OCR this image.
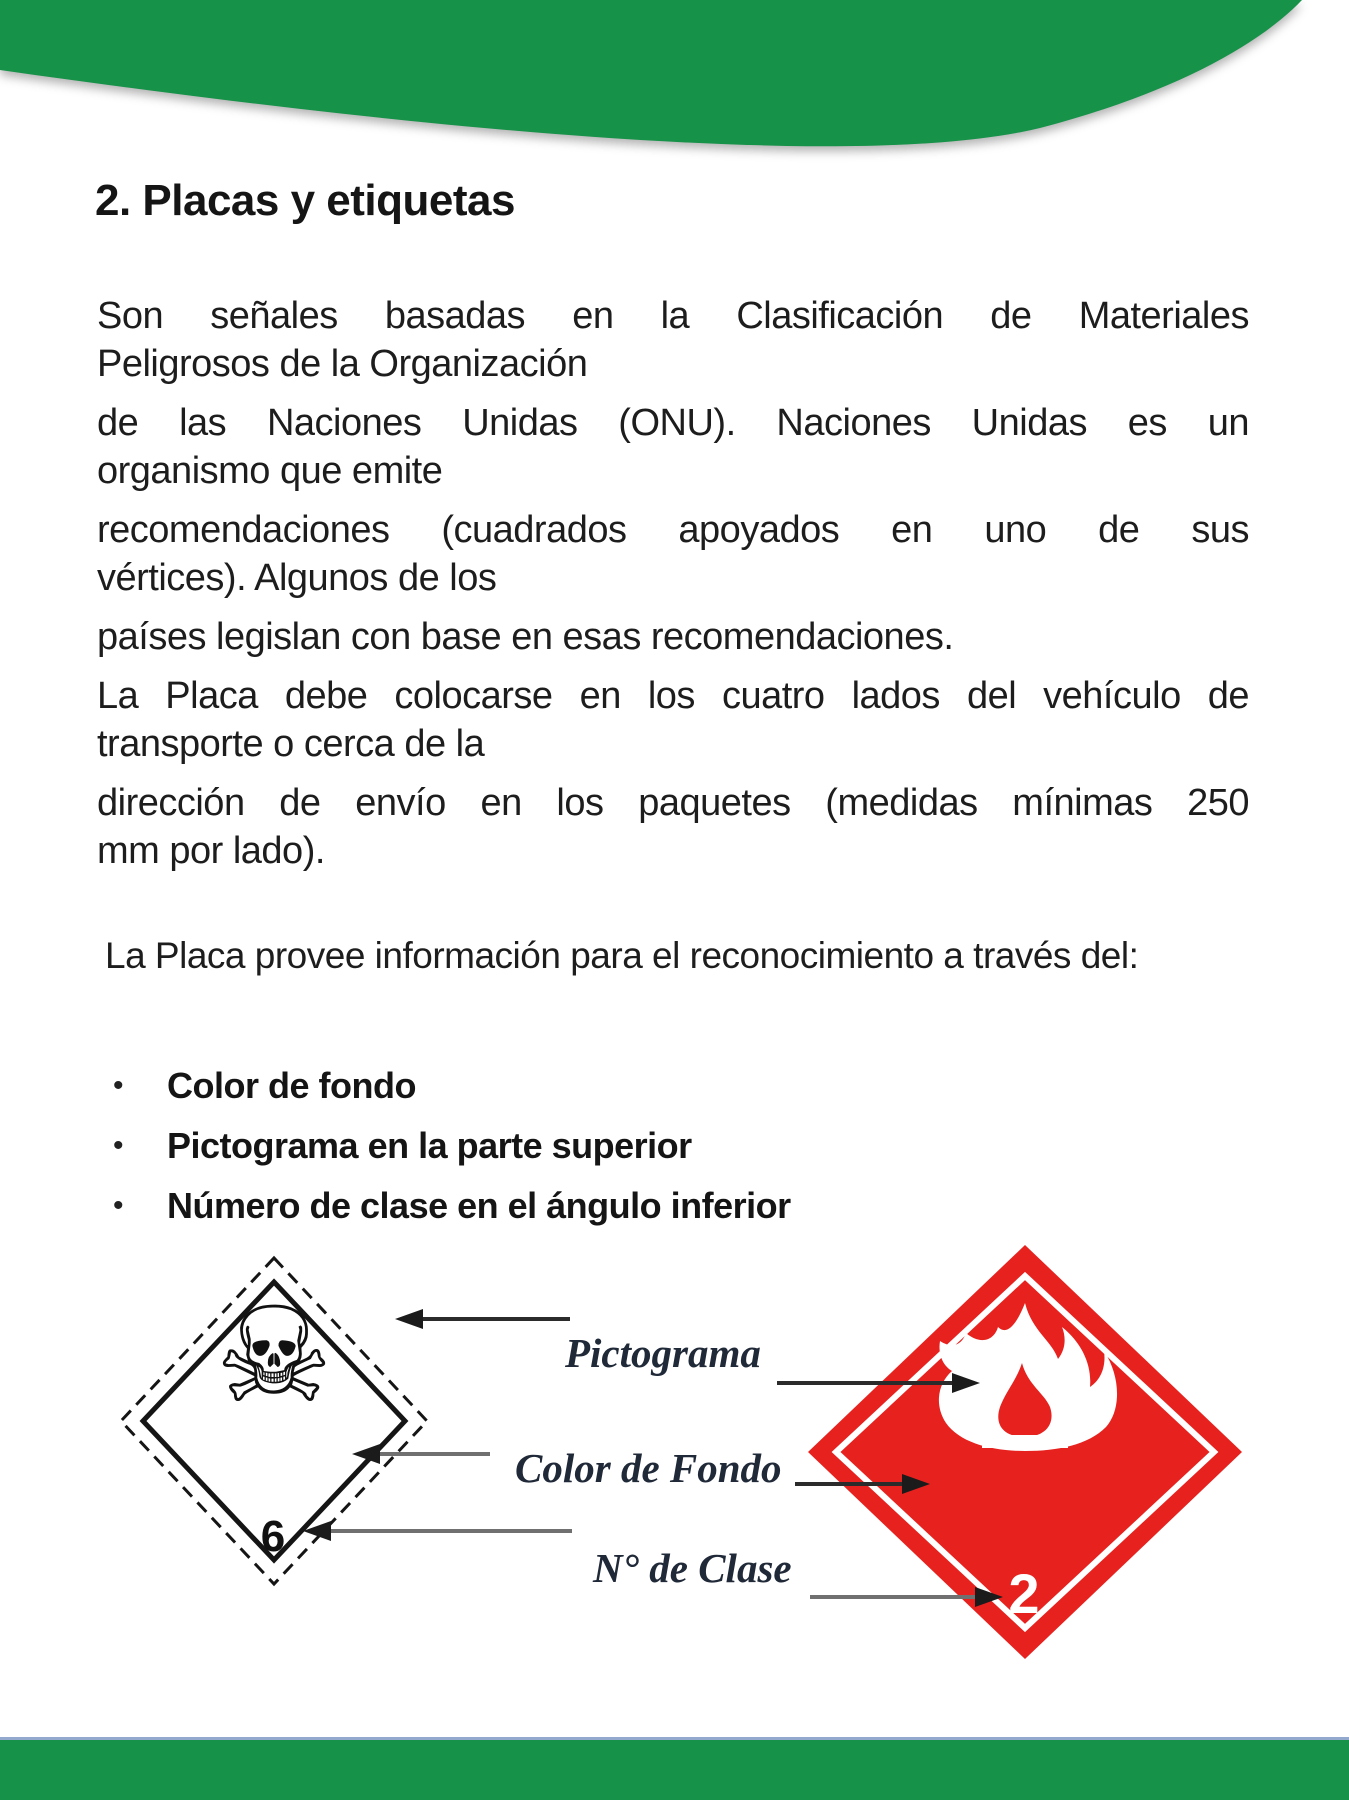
2. Placas y etiquetas

Son señales basadas en la Clasificación de Materiales
Peligrosos de la Organización

de las Naciones Unidas (ONU). Naciones Unidas es un
organismo que emite

recomendaciones (cuadrados apoyados en uno de sus
vértices). Algunos de los

países legislan con base en esas recomendaciones.

La Placa debe colocarse en los cuatro lados del vehículo de
transporte o cerca de la

dirección de envío en los paquetes (medidas mínimas 250
mm por lado).

La Placa provee información para el reconocimiento a través del:
• Color de fondo
• Pictograma en la parte superior
• Número de clase en el ángulo inferior
☠
6
2
Pictograma
Color de Fondo
N° de Clase
